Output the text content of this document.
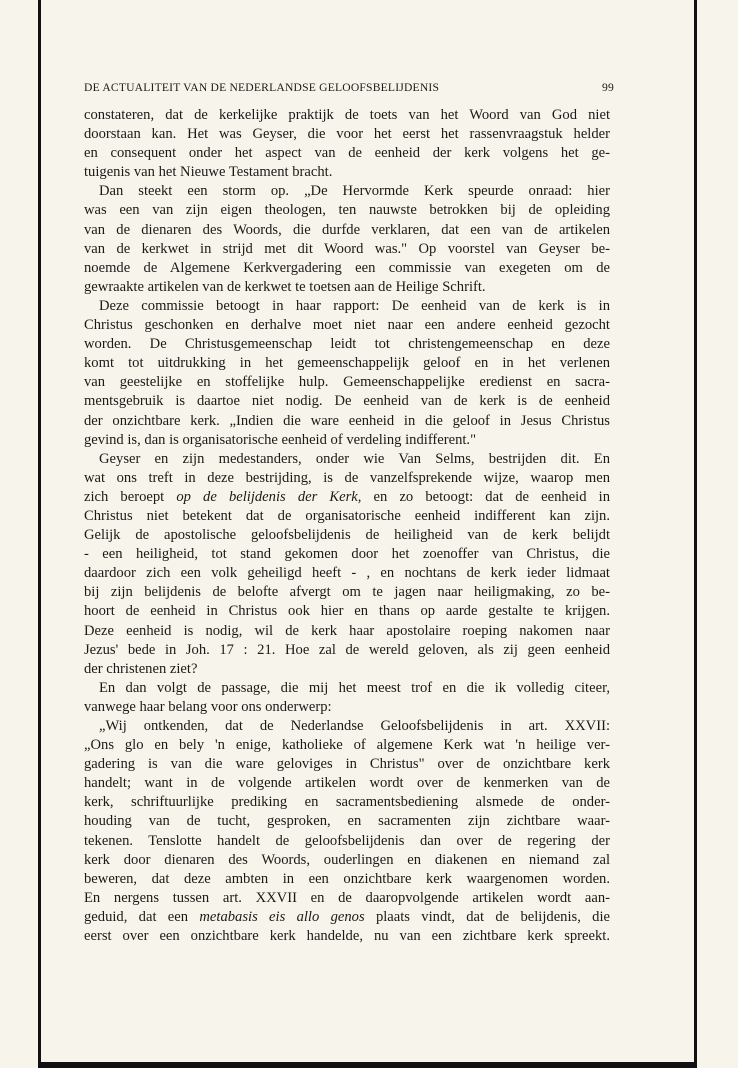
DE ACTUALITEIT VAN DE NEDERLANDSE GELOOFSBELIJDENIS	99
constateren, dat de kerkelijke praktijk de toets van het Woord van God niet
doorstaan kan. Het was Geyser, die voor het eerst het rassenvraagstuk helder
en consequent onder het aspect van de eenheid der kerk volgens het ge-
tuigenis van het Nieuwe Testament bracht.
Dan steekt een storm op. „De Hervormde Kerk speurde onraad: hier
was een van zijn eigen theologen, ten nauwste betrokken bij de opleiding
van de dienaren des Woords, die durfde verklaren, dat een van de artikelen
van de kerkwet in strijd met dit Woord was." Op voorstel van Geyser be-
noemde de Algemene Kerkvergadering een commissie van exegeten om de
gewraakte artikelen van de kerkwet te toetsen aan de Heilige Schrift.
Deze commissie betoogt in haar rapport: De eenheid van de kerk is in
Christus geschonken en derhalve moet niet naar een andere eenheid gezocht
worden. De Christusgemeenschap leidt tot christengemeenschap en deze
komt tot uitdrukking in het gemeenschappelijk geloof en in het verlenen
van geestelijke en stoffelijke hulp. Gemeenschappelijke eredienst en sacra-
mentsgebruik is daartoe niet nodig. De eenheid van de kerk is de eenheid
der onzichtbare kerk. „Indien die ware eenheid in die geloof in Jesus Christus
gevind is, dan is organisatorische eenheid of verdeling indifferent."
Geyser en zijn medestanders, onder wie Van Selms, bestrijden dit. En
wat ons treft in deze bestrijding, is de vanzelfsprekende wijze, waarop men
zich beroept op de belijdenis der Kerk, en zo betoogt: dat de eenheid in
Christus niet betekent dat de organisatorische eenheid indifferent kan zijn.
Gelijk de apostolische geloofsbelijdenis de heiligheid van de kerk belijdt
- een heiligheid, tot stand gekomen door het zoenoffer van Christus, die
daardoor zich een volk geheiligd heeft - , en nochtans de kerk ieder lidmaat
bij zijn belijdenis de belofte afvergt om te jagen naar heiligmaking, zo be-
hoort de eenheid in Christus ook hier en thans op aarde gestalte te krijgen.
Deze eenheid is nodig, wil de kerk haar apostolaire roeping nakomen naar
Jezus' bede in Joh. 17 : 21. Hoe zal de wereld geloven, als zij geen eenheid
der christenen ziet?
En dan volgt de passage, die mij het meest trof en die ik volledig citeer,
vanwege haar belang voor ons onderwerp:
„Wij ontkenden, dat de Nederlandse Geloofsbelijdenis in art. XXVII:
„Ons glo en bely 'n enige, katholieke of algemene Kerk wat 'n heilige ver-
gadering is van die ware geloviges in Christus" over de onzichtbare kerk
handelt; want in de volgende artikelen wordt over de kenmerken van de
kerk, schriftuurlijke prediking en sacramentsbediening alsmede de onder-
houding van de tucht, gesproken, en sacramenten zijn zichtbare waar-
tekenen. Tenslotte handelt de geloofsbelijdenis dan over de regering der
kerk door dienaren des Woords, ouderlingen en diakenen en niemand zal
beweren, dat deze ambten in een onzichtbare kerk waargenomen worden.
En nergens tussen art. XXVII en de daaropvolgende artikelen wordt aan-
geduid, dat een metabasis eis allo genos plaats vindt, dat de belijdenis, die
eerst over een onzichtbare kerk handelde, nu van een zichtbare kerk spreekt.
